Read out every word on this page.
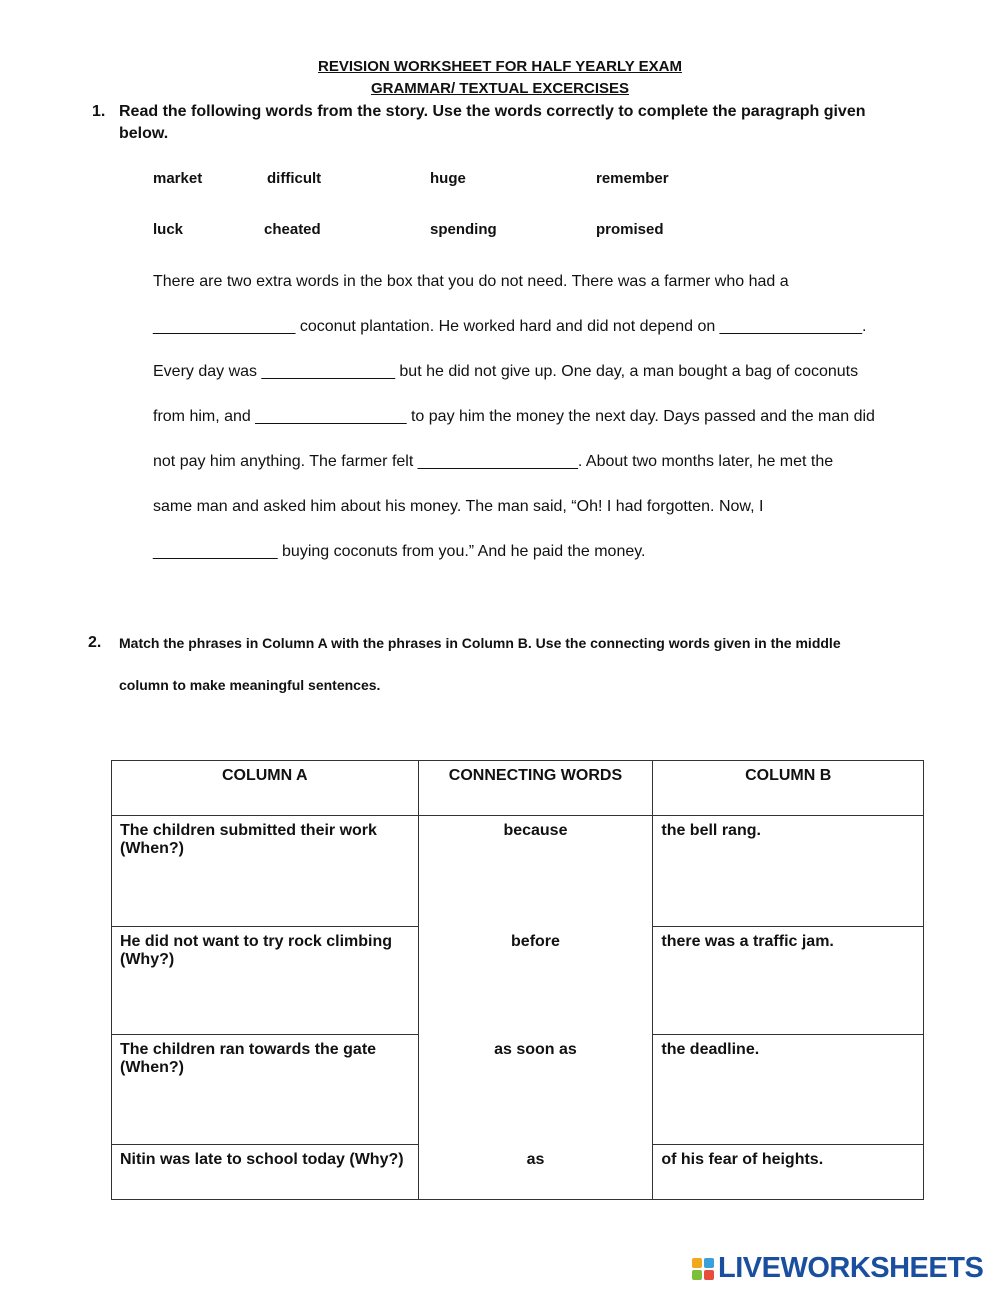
REVISION WORKSHEET FOR HALF YEARLY EXAM
GRAMMAR/ TEXTUAL EXCERCISES
1. Read the following words from the story. Use the words correctly to complete the paragraph given
below.
market	difficult	huge	remember
luck	cheated	spending	promised
There are two extra words in the box that you do not need. There was a farmer who had a
________________ coconut plantation. He worked hard and did not depend on ________________.
Every day was _______________ but he did not give up. One day, a man bought a bag of coconuts
from him, and _________________ to pay him the money the next day. Days passed and the man did
not pay him anything. The farmer felt __________________. About two months later, he met the
same man and asked him about his money. The man said, “Oh! I had forgotten. Now, I
______________ buying coconuts from you.” And he paid the money.
2. Match the phrases in Column A with the phrases in Column B. Use the connecting words given in the middle
column to make meaningful sentences.
COLUMN A	CONNECTING WORDS	COLUMN B

The children submitted their work
(When?)	because	the bell rang.

He did not want to try rock climbing
(Why?)	before	there was a traffic jam.

The children ran towards the gate
(When?)	as soon as	the deadline.

Nitin was late to school today (Why?)	as	of his fear of heights.
LIVEWORKSHEETS
